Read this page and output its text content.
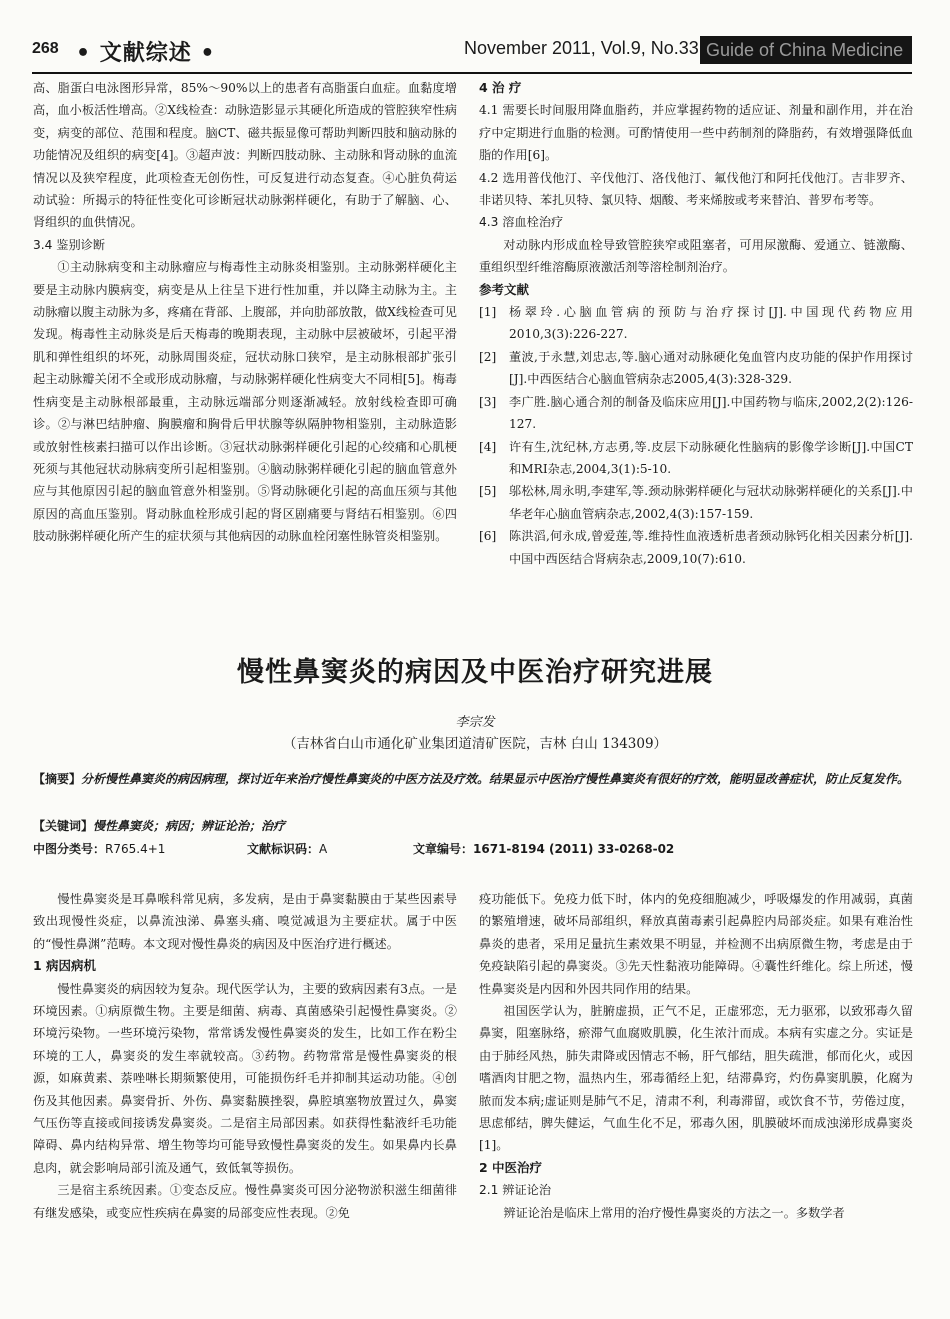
268 • 文献综述 •	November 2011, Vol.9, No.33 Guide of China Medicine

高、脂蛋白电泳图形异常，85%～90%以上的患者有高脂蛋白血症。血黏度增高，血小板活性增高。②X线检查：动脉造影显示其硬化所造成的管腔狭窄性病变，病变的部位、范围和程度。脑CT、磁共振显像可帮助判断四肢和脑动脉的功能情况及组织的病变[4]。③超声波：判断四肢动脉、主动脉和肾动脉的血流情况以及狭窄程度，此项检查无创伤性，可反复进行动态复查。④心脏负荷运动试验：所揭示的特征性变化可诊断冠状动脉粥样硬化，有助于了解脑、心、肾组织的血供情况。

3.4 鉴别诊断

①主动脉病变和主动脉瘤应与梅毒性主动脉炎相鉴别。主动脉粥样硬化主要是主动脉内膜病变，病变是从上往呈下进行性加重，并以降主动脉为主。主动脉瘤以腹主动脉为多，疼痛在背部、上腹部，并向肋部放散，做X线检查可见发现。梅毒性主动脉炎是后天梅毒的晚期表现，主动脉中层被破坏，引起平滑肌和弹性组织的坏死，动脉周围炎症，冠状动脉口狭窄，是主动脉根部扩张引起主动脉瓣关闭不全或形成动脉瘤，与动脉粥样硬化性病变大不同相[5]。梅毒性病变是主动脉根部最重，主动脉远端部分则逐渐减轻。放射线检查即可确诊。②与淋巴结肿瘤、胸膜瘤和胸骨后甲状腺等纵隔肿物相鉴别，主动脉造影或放射性核素扫描可以作出诊断。③冠状动脉粥样硬化引起的心绞痛和心肌梗死须与其他冠状动脉病变所引起相鉴别。④脑动脉粥样硬化引起的脑血管意外应与其他原因引起的脑血管意外相鉴别。⑤肾动脉硬化引起的高血压须与其他原因的高血压鉴别。肾动脉血栓形成引起的肾区剧痛要与肾结石相鉴别。⑥四肢动脉粥样硬化所产生的症状须与其他病因的动脉血栓闭塞性脉管炎相鉴别。

4 治 疗

4.1 需要长时间服用降血脂药，并应掌握药物的适应证、剂量和副作用，并在治疗中定期进行血脂的检测。可酌情使用一些中药制剂的降脂药，有效增强降低血脂的作用[6]。

4.2 选用普伐他汀、辛伐他汀、洛伐他汀、氟伐他汀和阿托伐他汀。吉非罗齐、非诺贝特、苯扎贝特、氯贝特、烟酸、考来烯胺或考来替泊、普罗布考等。

4.3 溶血栓治疗

对动脉内形成血栓导致管腔狭窄或阻塞者，可用尿激酶、爱通立、链激酶、重组织型纤维溶酶原液激活剂等溶栓制剂治疗。

参考文献
[1]	杨翠玲.心脑血管病的预防与治疗探讨[J].中国现代药物应用2010,3(3):226-227.
[2]	董波,于永慧,刘忠志,等.脑心通对动脉硬化兔血管内皮功能的保护作用探讨[J].中西医结合心脑血管病杂志2005,4(3):328-329.
[3]	李广胜.脑心通合剂的制备及临床应用[J].中国药物与临床,2002,2(2):126-127.
[4]	许有生,沈纪林,方志勇,等.皮层下动脉硬化性脑病的影像学诊断[J].中国CT和MRI杂志,2004,3(1):5-10.
[5]	邬松林,周永明,李建军,等.颈动脉粥样硬化与冠状动脉粥样硬化的关系[J].中华老年心脑血管病杂志,2002,4(3):157-159.
[6]	陈洪滔,何永成,曾爱莲,等.维持性血液透析患者颈动脉钙化相关因素分析[J].中国中西医结合肾病杂志,2009,10(7):610.
慢性鼻窦炎的病因及中医治疗研究进展
李宗发
（吉林省白山市通化矿业集团道清矿医院，吉林 白山 134309）
【摘要】分析慢性鼻窦炎的病因病理，探讨近年来治疗慢性鼻窦炎的中医方法及疗效。结果显示中医治疗慢性鼻窦炎有很好的疗效，能明显改善症状，防止反复发作。
【关键词】慢性鼻窦炎；病因；辨证论治；治疗
中图分类号：R765.4+1	文献标识码：A	文章编号：1671-8194 (2011) 33-0268-02

慢性鼻窦炎是耳鼻喉科常见病，多发病，是由于鼻窦黏膜由于某些因素导致出现慢性炎症，以鼻流浊涕、鼻塞头痛、嗅觉减退为主要症状。属于中医的“慢性鼻渊”范畴。本文现对慢性鼻炎的病因及中医治疗进行概述。

1 病因病机

慢性鼻窦炎的病因较为复杂。现代医学认为，主要的致病因素有3点。一是环境因素。①病原微生物。主要是细菌、病毒、真菌感染引起慢性鼻窦炎。②环境污染物。一些环境污染物，常常诱发慢性鼻窦炎的发生，比如工作在粉尘环境的工人，鼻窦炎的发生率就较高。③药物。药物常常是慢性鼻窦炎的根源，如麻黄素、萘唑啉长期频繁使用，可能损伤纤毛并抑制其运动功能。④创伤及其他因素。鼻窦骨折、外伤、鼻窦黏膜挫裂，鼻腔填塞物放置过久，鼻窦气压伤等直接或间接诱发鼻窦炎。二是宿主局部因素。如获得性黏液纤毛功能障碍、鼻内结构异常、增生物等均可能导致慢性鼻窦炎的发生。如果鼻内长鼻息肉，就会影响局部引流及通气，致低氧等损伤。

三是宿主系统因素。①变态反应。慢性鼻窦炎可因分泌物淤积滋生细菌徘有继发感染，或变应性疾病在鼻窦的局部变应性表现。②免

疫功能低下。免疫力低下时，体内的免疫细胞减少，呼吸爆发的作用减弱，真菌的繁殖增速，破坏局部组织，释放真菌毒素引起鼻腔内局部炎症。如果有难治性鼻炎的患者，采用足量抗生素效果不明显，并检测不出病原微生物，考虑是由于免疫缺陷引起的鼻窦炎。③先天性黏液功能障碍。④囊性纤维化。综上所述，慢性鼻窦炎是内因和外因共同作用的结果。

祖国医学认为，脏腑虚损，正气不足，正虚邪恋，无力驱邪，以致邪毒久留鼻窦，阻塞脉络，瘀滞气血腐败肌膜，化生浓汁而成。本病有实虚之分。实证是由于肺经风热，肺失肃降或因情志不畅，肝气郁结，胆失疏泄，郁而化火，或因嗜酒肉甘肥之物，温热内生，邪毒循经上犯，结滞鼻窍，灼伤鼻窦肌膜，化腐为脓而发本病;虚证则是肺气不足，清肃不利，利毒滞留，或饮食不节，劳倦过度，思虑郁结，脾失健运，气血生化不足，邪毒久困，肌膜破坏而成浊涕形成鼻窦炎[1]。

2 中医治疗
2.1 辨证论治

辨证论治是临床上常用的治疗慢性鼻窦炎的方法之一。多数学者
